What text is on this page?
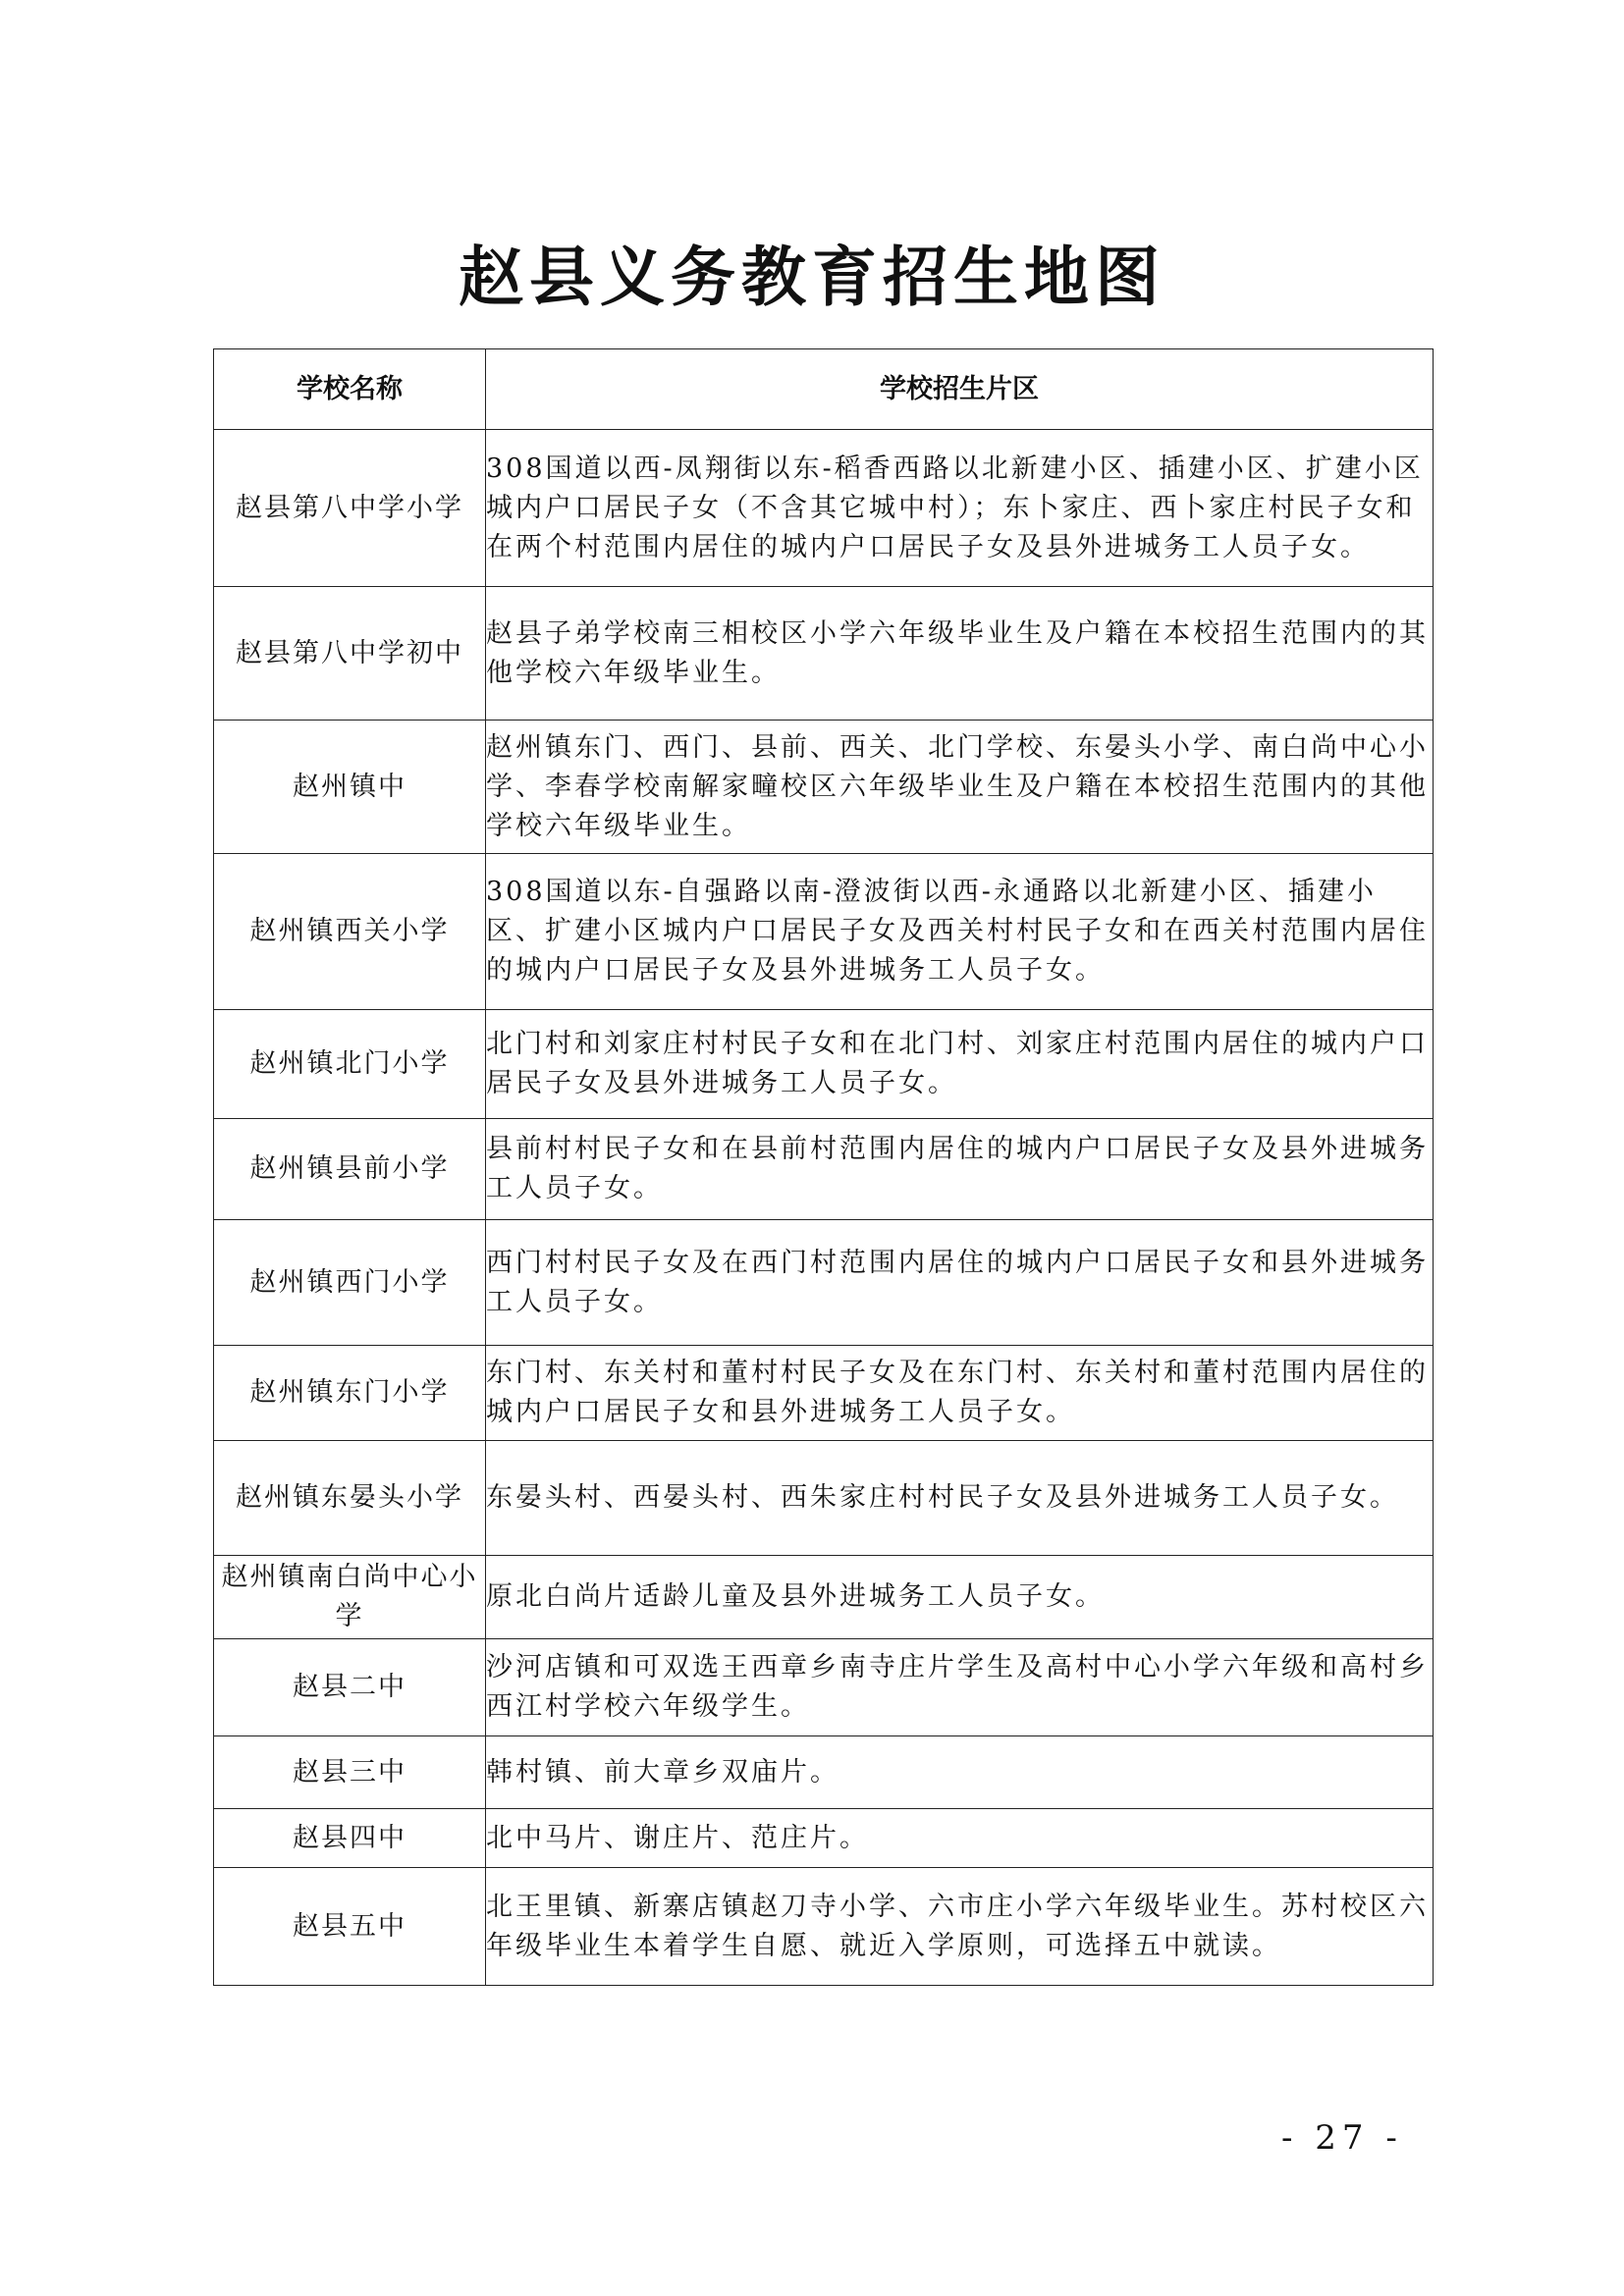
赵县义务教育招生地图
学校名称	学校招生片区
赵县第八中学小学	308国道以西-凤翔街以东-稻香西路以北新建小区、插建小区、扩建小区城内户口居民子女（不含其它城中村）；东卜家庄、西卜家庄村民子女和在两个村范围内居住的城内户口居民子女及县外进城务工人员子女。
赵县第八中学初中	赵县子弟学校南三相校区小学六年级毕业生及户籍在本校招生范围内的其他学校六年级毕业生。
赵州镇中	赵州镇东门、西门、县前、西关、北门学校、东晏头小学、南白尚中心小学、李春学校南解家疃校区六年级毕业生及户籍在本校招生范围内的其他学校六年级毕业生。
赵州镇西关小学	308国道以东-自强路以南-澄波街以西-永通路以北新建小区、插建小区、扩建小区城内户口居民子女及西关村村民子女和在西关村范围内居住的城内户口居民子女及县外进城务工人员子女。
赵州镇北门小学	北门村和刘家庄村村民子女和在北门村、刘家庄村范围内居住的城内户口居民子女及县外进城务工人员子女。
赵州镇县前小学	县前村村民子女和在县前村范围内居住的城内户口居民子女及县外进城务工人员子女。
赵州镇西门小学	西门村村民子女及在西门村范围内居住的城内户口居民子女和县外进城务工人员子女。
赵州镇东门小学	东门村、东关村和董村村民子女及在东门村、东关村和董村范围内居住的城内户口居民子女和县外进城务工人员子女。
赵州镇东晏头小学	东晏头村、西晏头村、西朱家庄村村民子女及县外进城务工人员子女。
赵州镇南白尚中心小学	原北白尚片适龄儿童及县外进城务工人员子女。
赵县二中	沙河店镇和可双选王西章乡南寺庄片学生及高村中心小学六年级和高村乡西江村学校六年级学生。
赵县三中	韩村镇、前大章乡双庙片。
赵县四中	北中马片、谢庄片、范庄片。
赵县五中	北王里镇、新寨店镇赵刀寺小学、六市庄小学六年级毕业生。苏村校区六年级毕业生本着学生自愿、就近入学原则，可选择五中就读。
- 27 -
